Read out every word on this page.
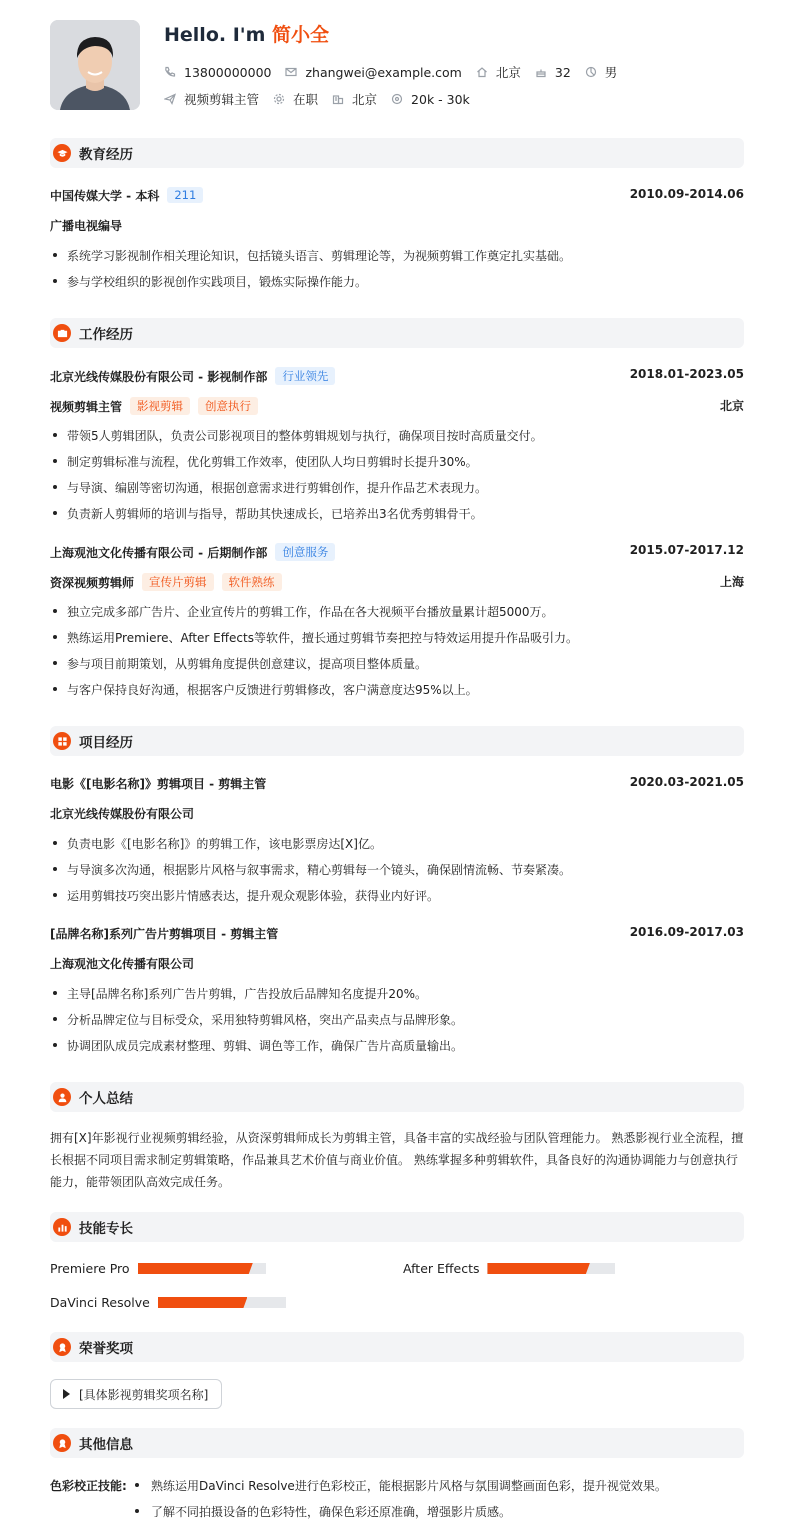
Hello. I'm 简小全
13800000000	zhangwei@example.com	北京	32	男
视频剪辑主管	在职	北京	20k - 30k
教育经历
中国传媒大学 - 本科 211	2010.09-2014.06
广播电视编导
系统学习影视制作相关理论知识，包括镜头语言、剪辑理论等，为视频剪辑工作奠定扎实基础。
参与学校组织的影视创作实践项目，锻炼实际操作能力。
工作经历
北京光线传媒股份有限公司 - 影视制作部 行业领先	2018.01-2023.05
视频剪辑主管 影视剪辑 创意执行	北京
带领5人剪辑团队，负责公司影视项目的整体剪辑规划与执行，确保项目按时高质量交付。
制定剪辑标准与流程，优化剪辑工作效率，使团队人均日剪辑时长提升30%。
与导演、编剧等密切沟通，根据创意需求进行剪辑创作，提升作品艺术表现力。
负责新人剪辑师的培训与指导，帮助其快速成长，已培养出3名优秀剪辑骨干。
上海观池文化传播有限公司 - 后期制作部 创意服务	2015.07-2017.12
资深视频剪辑师 宣传片剪辑 软件熟练	上海
独立完成多部广告片、企业宣传片的剪辑工作，作品在各大视频平台播放量累计超5000万。
熟练运用Premiere、After Effects等软件，擅长通过剪辑节奏把控与特效运用提升作品吸引力。
参与项目前期策划，从剪辑角度提供创意建议，提高项目整体质量。
与客户保持良好沟通，根据客户反馈进行剪辑修改，客户满意度达95%以上。
项目经历
电影《[电影名称]》剪辑项目 - 剪辑主管	2020.03-2021.05
北京光线传媒股份有限公司
负责电影《[电影名称]》的剪辑工作，该电影票房达[X]亿。
与导演多次沟通，根据影片风格与叙事需求，精心剪辑每一个镜头，确保剧情流畅、节奏紧凑。
运用剪辑技巧突出影片情感表达，提升观众观影体验，获得业内好评。
[品牌名称]系列广告片剪辑项目 - 剪辑主管	2016.09-2017.03
上海观池文化传播有限公司
主导[品牌名称]系列广告片剪辑，广告投放后品牌知名度提升20%。
分析品牌定位与目标受众，采用独特剪辑风格，突出产品卖点与品牌形象。
协调团队成员完成素材整理、剪辑、调色等工作，确保广告片高质量输出。
个人总结
拥有[X]年影视行业视频剪辑经验，从资深剪辑师成长为剪辑主管，具备丰富的实战经验与团队管理能力。 熟悉影视行业全流程，擅
长根据不同项目需求制定剪辑策略，作品兼具艺术价值与商业价值。 熟练掌握多种剪辑软件，具备良好的沟通协调能力与创意执行
能力，能带领团队高效完成任务。
技能专长
Premiere Pro	After Effects
DaVinci Resolve
荣誉奖项
[具体影视剪辑奖项名称]
其他信息
色彩校正技能:	熟练运用DaVinci Resolve进行色彩校正，能根据影片风格与氛围调整画面色彩，提升视觉效果。
了解不同拍摄设备的色彩特性，确保色彩还原准确，增强影片质感。
